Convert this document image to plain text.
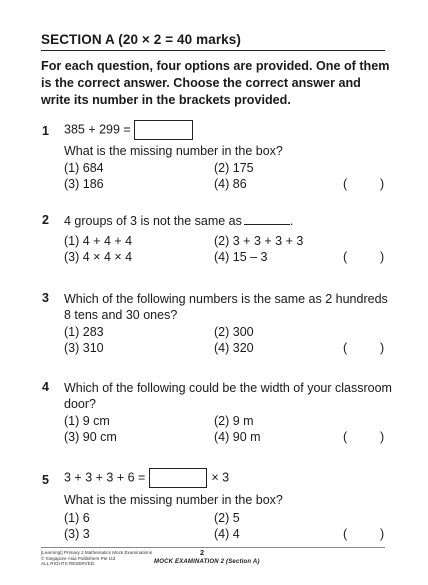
SECTION A (20 × 2 = 40 marks)
For each question, four options are provided. One of them is the correct answer. Choose the correct answer and write its number in the brackets provided.
1 385 + 299 =
What is the missing number in the box?
(1) 684	(2) 175
(3) 186	(4) 86	(	)
2 4 groups of 3 is not the same as	.
(1) 4 + 4 + 4	(2) 3 + 3 + 3 + 3
(3) 4 × 4 × 4	(4) 15 – 3	(	)
3 Which of the following numbers is the same as 2 hundreds
8 tens and 30 ones?
(1) 283	(2) 300
(3) 310	(4) 320	(	)
4 Which of the following could be the width of your classroom
door?
(1) 9 cm	(2) 9 m
(3) 90 cm	(4) 90 m	(	)
5 3 + 3 + 3 + 6 =	× 3
What is the missing number in the box?
(1) 6	(2) 5
(3) 3	(4) 4	(	)
[Learning!] Primary 2 Mathematics Mock Examinations
© Singapore Asia Publishers Pte Ltd
ALL RIGHTS RESERVED.
2
MOCK EXAMINATION 2 (Section A)
